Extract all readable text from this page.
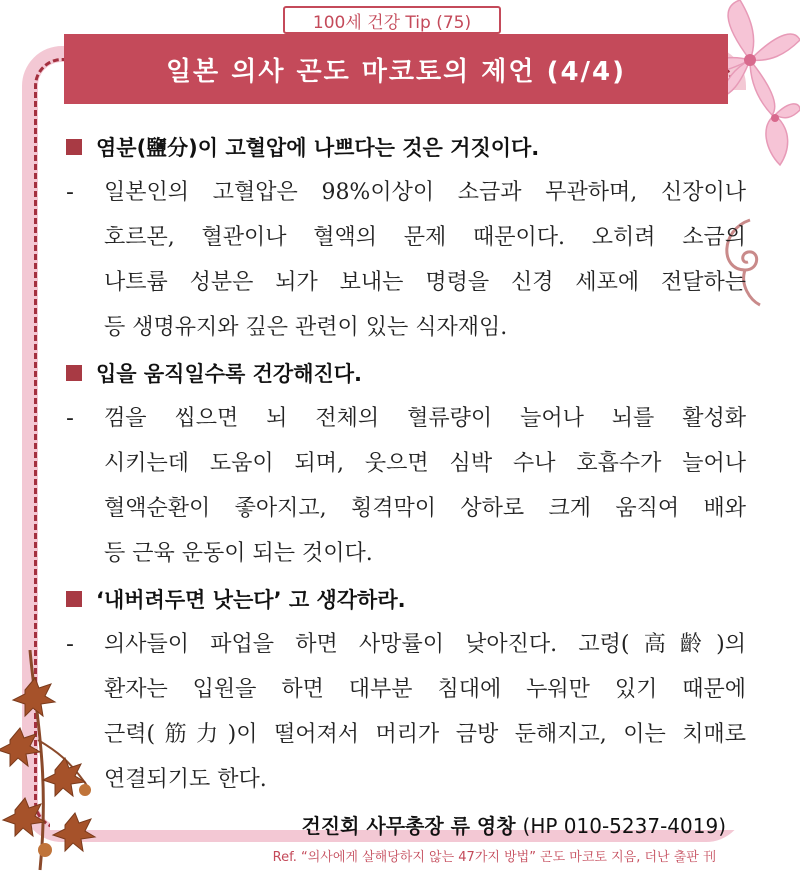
100세 건강 Tip (75)
일본 의사 곤도 마코토의 제언 (4/4)
염분(鹽分)이 고혈압에 나쁘다는 것은 거짓이다.
- 일본인의 고혈압은 98%이상이 소금과 무관하며, 신장이나
호르몬, 혈관이나 혈액의 문제 때문이다. 오히려 소금의
나트륨 성분은 뇌가 보내는 명령을 신경 세포에 전달하는
등 생명유지와 깊은 관련이 있는 식자재임.
입을 움직일수록 건강해진다.
- 껌을 씹으면 뇌 전체의 혈류량이 늘어나 뇌를 활성화
시키는데 도움이 되며, 웃으면 심박 수나 호흡수가 늘어나
혈액순환이 좋아지고, 횡격막이 상하로 크게 움직여 배와
등 근육 운동이 되는 것이다.
‘내버려두면 낫는다’ 고 생각하라.
- 의사들이 파업을 하면 사망률이 낮아진다. 고령(高齡)의
환자는 입원을 하면 대부분 침대에 누워만 있기 때문에
근력(筋力)이 떨어져서 머리가 금방 둔해지고, 이는 치매로
연결되기도 한다.
건진회 사무총장 류 영창 (HP 010-5237-4019)
Ref. “의사에게 살해당하지 않는 47가지 방법” 곤도 마코토 지음, 더난 출판 刊
